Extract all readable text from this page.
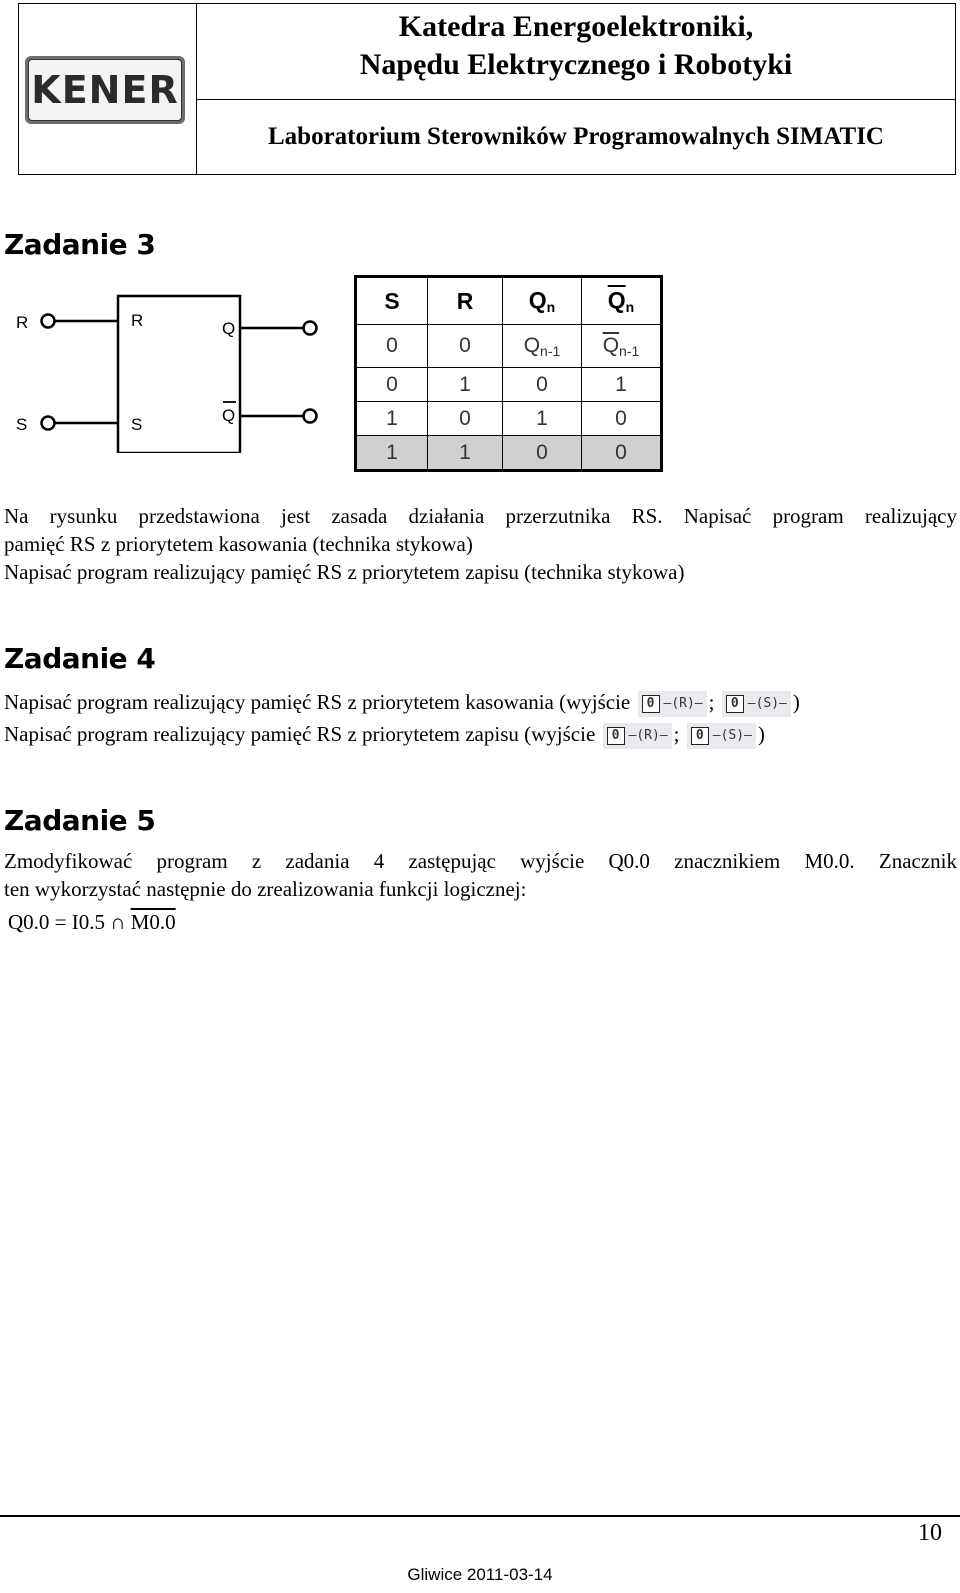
KENER
Katedra Energoelektroniki,
Napędu Elektrycznego i Robotyki
Laboratorium Sterowników Programowalnych SIMATIC
Zadanie 3
R
S
R
S
Q
Q
S	R	$Q_n$	$\overline{Q}_n$
0	0	$Q_{n-1}$	$\overline{Q}_{n-1}$
0	1	0	1
1	0	1	0
1	1	0	0
Na rysunku przedstawiona jest zasada działania przerzutnika RS. Napisać program realizujący
pamięć RS z priorytetem kasowania (technika stykowa)
Napisać program realizujący pamięć RS z priorytetem zapisu (technika stykowa)
Zadanie 4
Napisać program realizujący pamięć RS z priorytetem kasowania (wyjście	0 –(R)– ;	0 –(S)– )
Napisać program realizujący pamięć RS z priorytetem zapisu (wyjście	0 –(R)– ;	0 –(S)– )
Zadanie 5
Zmodyfikować program z zadania 4 zastępując wyjście Q0.0 znacznikiem M0.0. Znacznik
ten wykorzystać następnie do zrealizowania funkcji logicznej:
Q0.0 = I0.5 ∩ M0.0
10
Gliwice 2011-03-14
